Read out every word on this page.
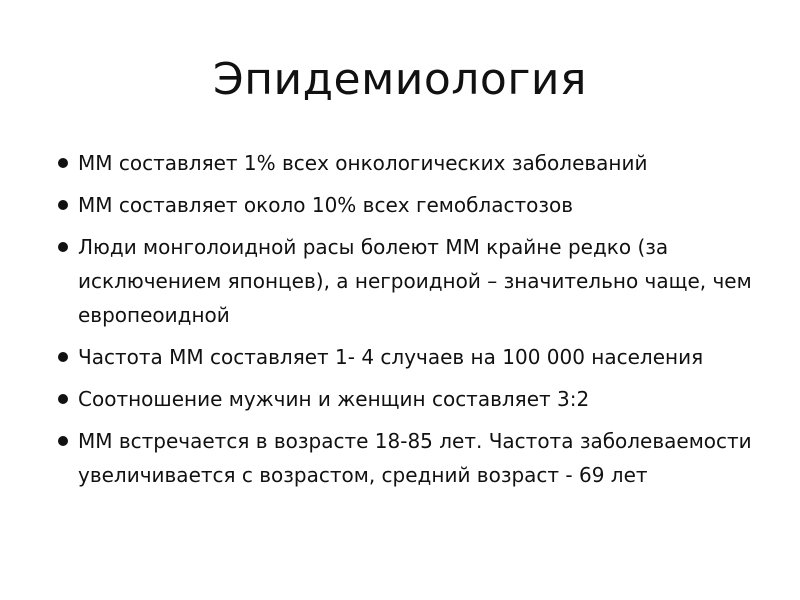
Эпидемиология
ММ составляет 1% всех онкологических заболеваний
ММ составляет около 10% всех гемобластозов
Люди монголоидной расы болеют ММ крайне редко (за исключением японцев), а негроидной – значительно чаще, чем европеоидной
Частота ММ составляет 1- 4 случаев на 100 000 населения
Соотношение мужчин и женщин составляет 3:2
ММ встречается в возрасте 18-85 лет. Частота заболеваемости увеличивается с возрастом, средний возраст - 69 лет
